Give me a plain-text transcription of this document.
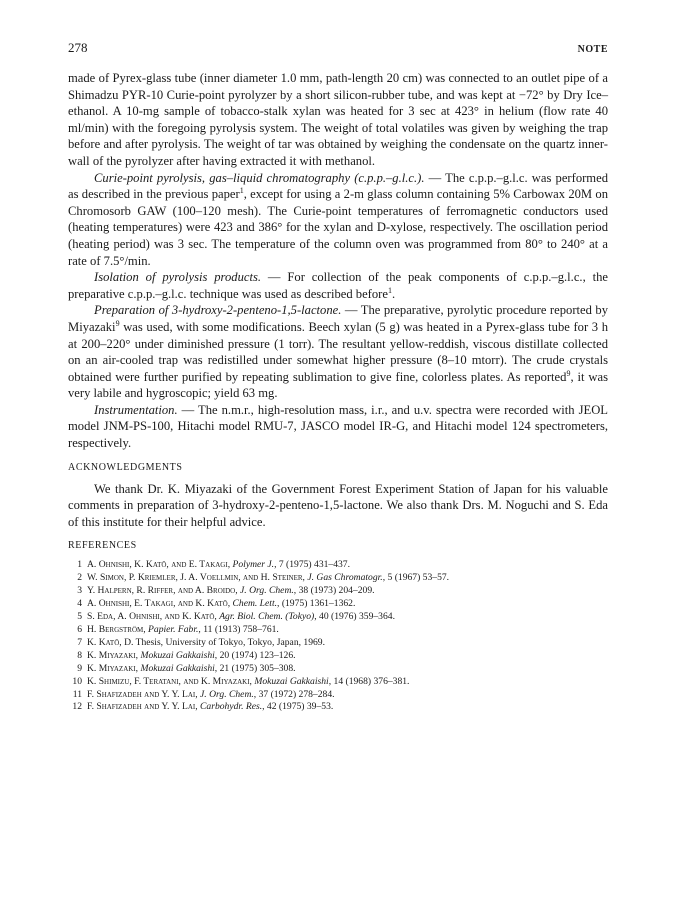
278	NOTE

made of Pyrex-glass tube (inner diameter 1.0 mm, path-length 20 cm) was connected to an outlet pipe of a Shimadzu PYR-10 Curie-point pyrolyzer by a short silicon-rubber tube, and was kept at −72° by Dry Ice–ethanol. A 10-mg sample of tobacco-stalk xylan was heated for 3 sec at 423° in helium (flow rate 40 ml/min) with the foregoing pyrolysis system. The weight of total volatiles was given by weighing the trap before and after pyrolysis. The weight of tar was obtained by weighing the condensate on the quartz inner-wall of the pyrolyzer after having extracted it with methanol.

Curie-point pyrolysis, gas–liquid chromatography (c.p.p.–g.l.c.). — The c.p.p.–g.l.c. was performed as described in the previous paper$^1$, except for using a 2-m glass column containing 5% Carbowax 20M on Chromosorb GAW (100–120 mesh). The Curie-point temperatures of ferromagnetic conductors used (heating temperatures) were 423 and 386° for the xylan and D-xylose, respectively. The oscillation period (heating period) was 3 sec. The temperature of the column oven was programmed from 80° to 240° at a rate of 7.5°/min.

Isolation of pyrolysis products. — For collection of the peak components of c.p.p.–g.l.c., the preparative c.p.p.–g.l.c. technique was used as described before$^1$.

Preparation of 3-hydroxy-2-penteno-1,5-lactone. — The preparative, pyrolytic procedure reported by Miyazaki$^9$ was used, with some modifications. Beech xylan (5 g) was heated in a Pyrex-glass tube for 3 h at 200–220° under diminished pressure (1 torr). The resultant yellow-reddish, viscous distillate collected on an air-cooled trap was redistilled under somewhat higher pressure (8–10 mtorr). The crude crystals obtained were further purified by repeating sublimation to give fine, colorless plates. As reported$^9$, it was very labile and hygroscopic; yield 63 mg.

Instrumentation. — The n.m.r., high-resolution mass, i.r., and u.v. spectra were recorded with JEOL model JNM-PS-100, Hitachi model RMU-7, JASCO model IR-G, and Hitachi model 124 spectrometers, respectively.

ACKNOWLEDGMENTS

We thank Dr. K. Miyazaki of the Government Forest Experiment Station of Japan for his valuable comments in preparation of 3-hydroxy-2-penteno-1,5-lactone. We also thank Drs. M. Noguchi and S. Eda of this institute for their helpful advice.

REFERENCES
1 A. Ohnishi, K. Katō, and E. Takagi, Polymer J., 7 (1975) 431–437.
2 W. Simon, P. Kriemler, J. A. Voellmin, and H. Steiner, J. Gas Chromatogr., 5 (1967) 53–57.
3 Y. Halpern, R. Riffer, and A. Broido, J. Org. Chem., 38 (1973) 204–209.
4 A. Ohnishi, E. Takagi, and K. Katō, Chem. Lett., (1975) 1361–1362.
5 S. Eda, A. Ohnishi, and K. Katō, Agr. Biol. Chem. (Tokyo), 40 (1976) 359–364.
6 H. Bergström, Papier. Fabr., 11 (1913) 758–761.
7 K. Katō, D. Thesis, University of Tokyo, Tokyo, Japan, 1969.
8 K. Miyazaki, Mokuzai Gakkaishi, 20 (1974) 123–126.
9 K. Miyazaki, Mokuzai Gakkaishi, 21 (1975) 305–308.
10 K. Shimizu, F. Teratani, and K. Miyazaki, Mokuzai Gakkaishi, 14 (1968) 376–381.
11 F. Shafizadeh and Y. Y. Lai, J. Org. Chem., 37 (1972) 278–284.
12 F. Shafizadeh and Y. Y. Lai, Carbohydr. Res., 42 (1975) 39–53.
